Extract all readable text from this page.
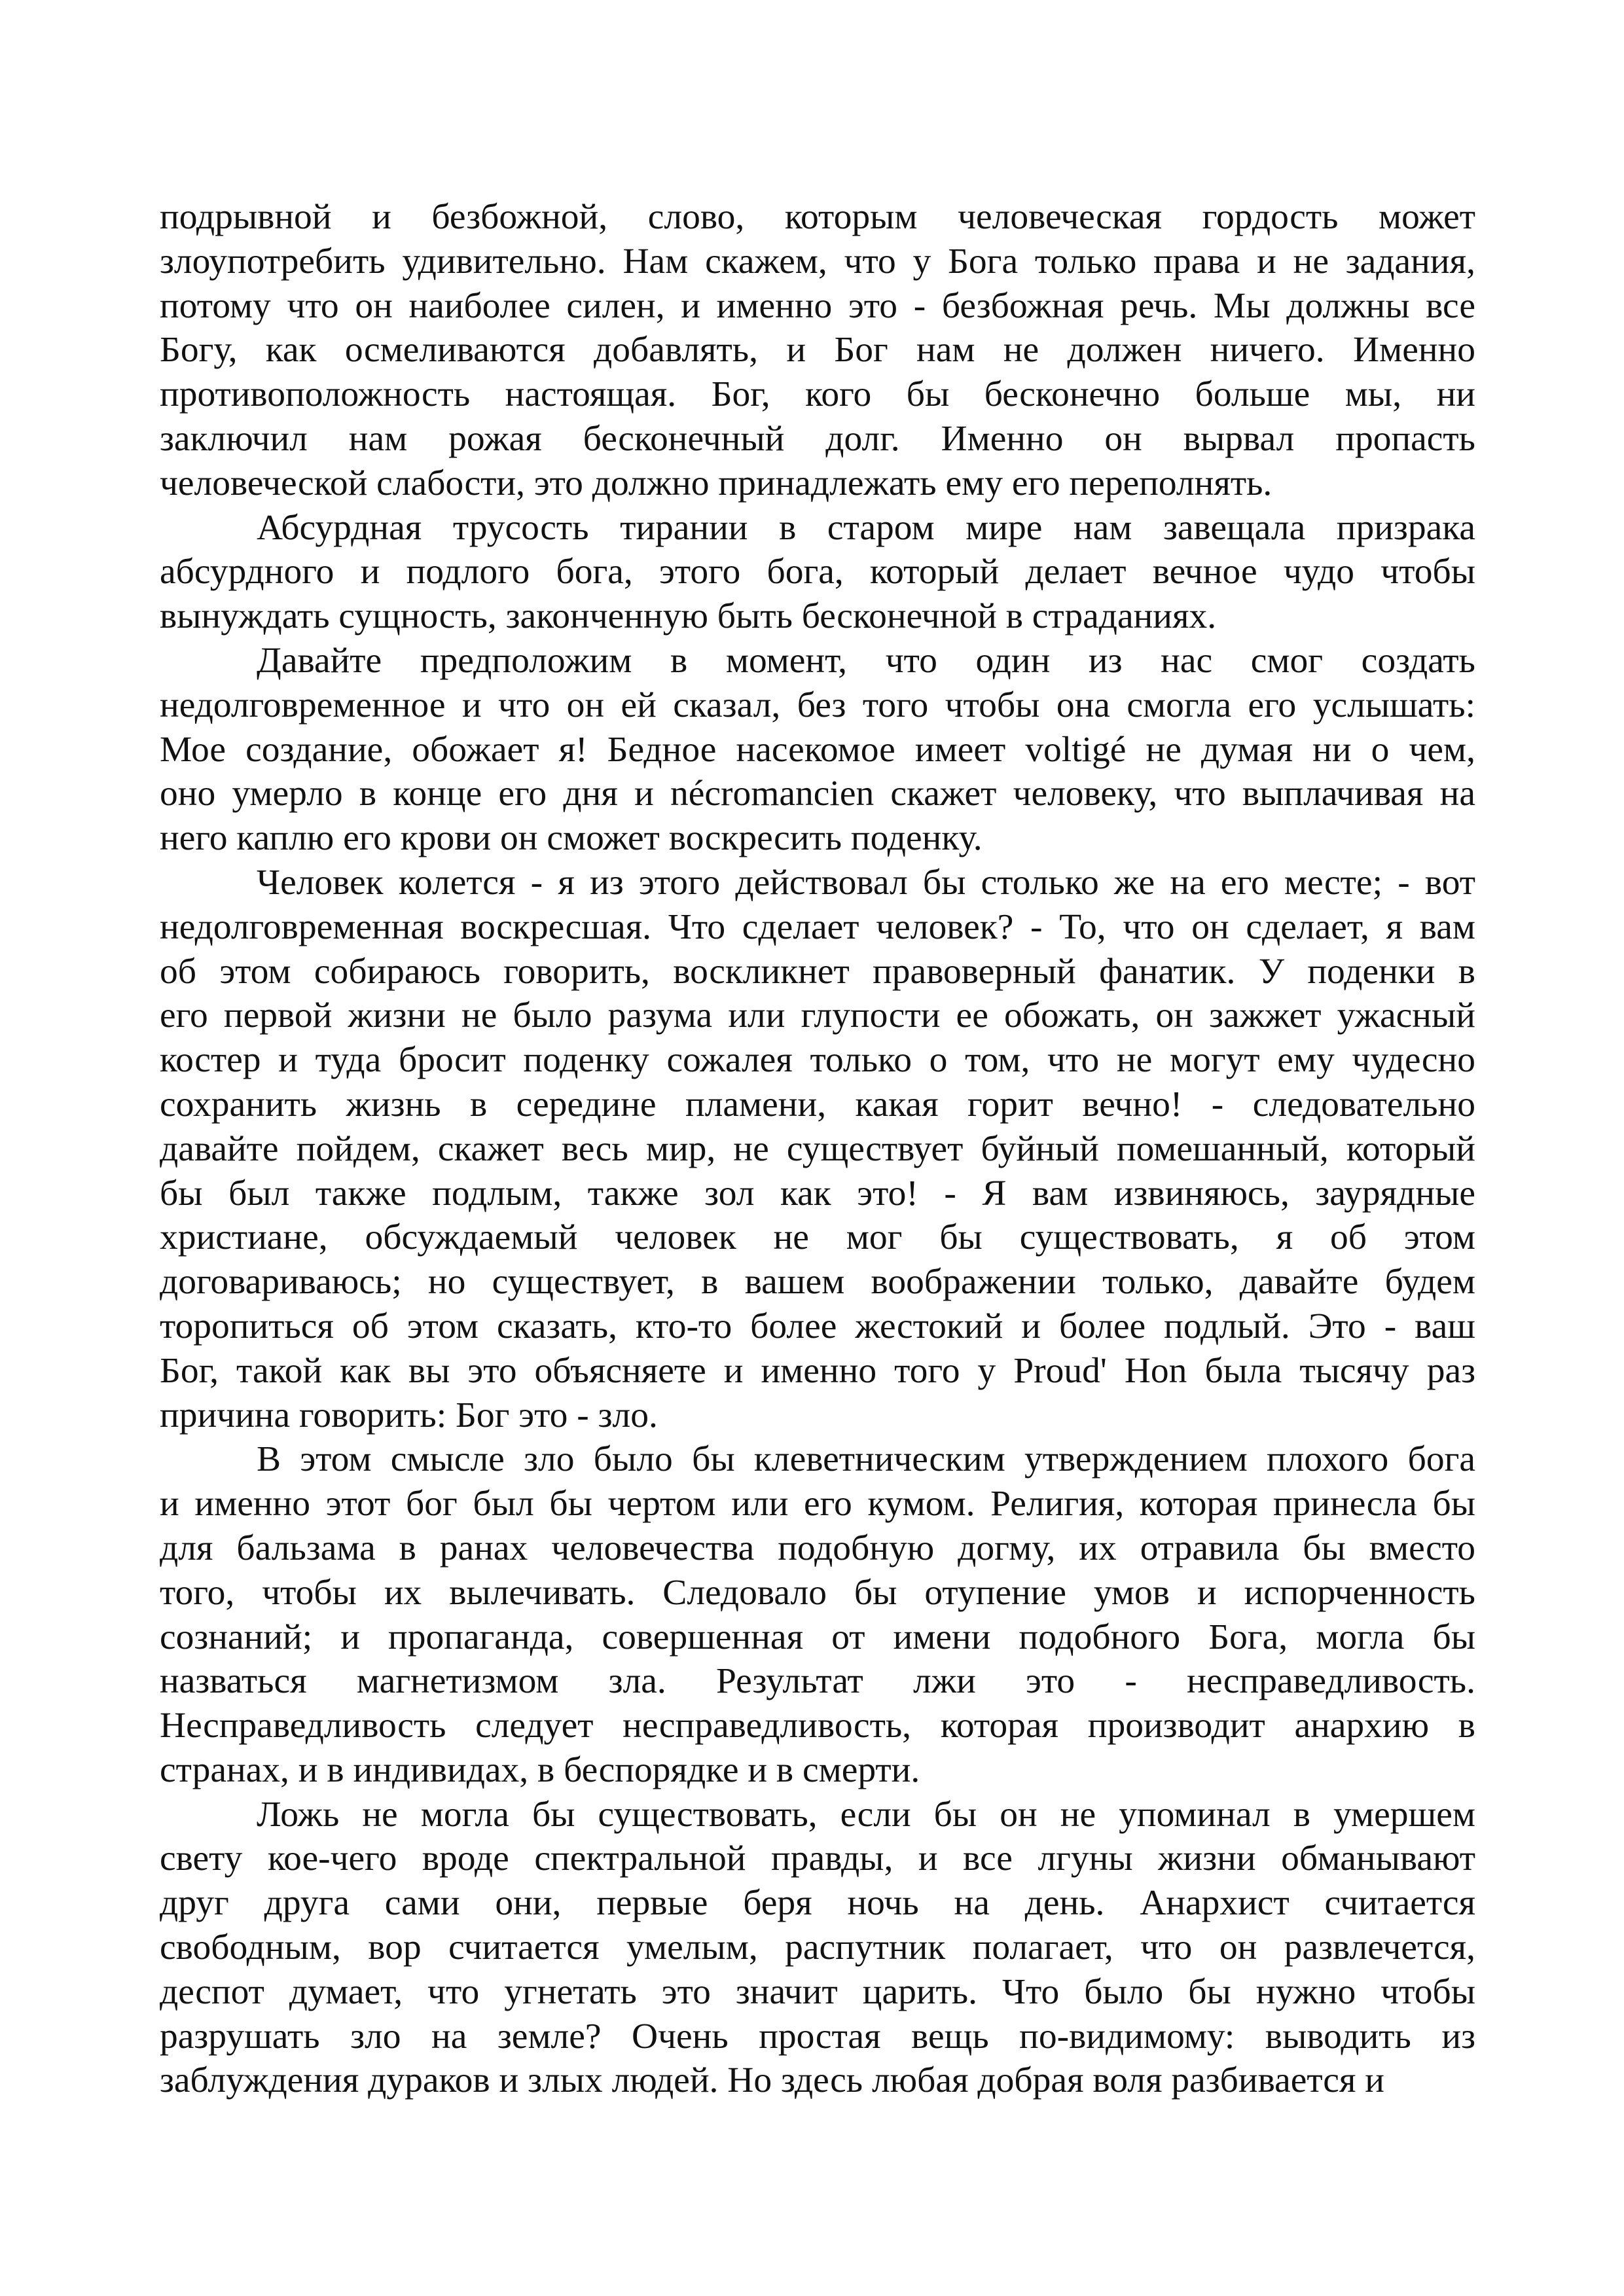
подрывной и безбожной, слово, которым человеческая гордость может
злоупотребить удивительно. Нам скажем, что у Бога только права и не задания,
потому что он наиболее силен, и именно это - безбожная речь. Мы должны все
Богу, как осмеливаются добавлять, и Бог нам не должен ничего. Именно
противоположность настоящая. Бог, кого бы бесконечно больше мы, ни
заключил нам рожая бесконечный долг. Именно он вырвал пропасть
человеческой слабости, это должно принадлежать ему его переполнять.
Абсурдная трусость тирании в старом мире нам завещала призрака
абсурдного и подлого бога, этого бога, который делает вечное чудо чтобы
вынуждать сущность, законченную быть бесконечной в страданиях.
Давайте предположим в момент, что один из нас смог создать
недолговременное и что он ей сказал, без того чтобы она смогла его услышать:
Мое создание, обожает я! Бедное насекомое имеет voltigé не думая ни о чем,
оно умерло в конце его дня и nécromancien скажет человеку, что выплачивая на
него каплю его крови он сможет воскресить поденку.
Человек колется - я из этого действовал бы столько же на его месте; - вот
недолговременная воскресшая. Что сделает человек? - То, что он сделает, я вам
об этом собираюсь говорить, воскликнет правоверный фанатик. У поденки в
его первой жизни не было разума или глупости ее обожать, он зажжет ужасный
костер и туда бросит поденку сожалея только о том, что не могут ему чудесно
сохранить жизнь в середине пламени, какая горит вечно! - следовательно
давайте пойдем, скажет весь мир, не существует буйный помешанный, который
бы был также подлым, также зол как это! - Я вам извиняюсь, заурядные
христиане, обсуждаемый человек не мог бы существовать, я об этом
договариваюсь; но существует, в вашем воображении только, давайте будем
торопиться об этом сказать, кто-то более жестокий и более подлый. Это - ваш
Бог, такой как вы это объясняете и именно того у Proud' Hon была тысячу раз
причина говорить: Бог это - зло.
В этом смысле зло было бы клеветническим утверждением плохого бога
и именно этот бог был бы чертом или его кумом. Религия, которая принесла бы
для бальзама в ранах человечества подобную догму, их отравила бы вместо
того, чтобы их вылечивать. Следовало бы отупение умов и испорченность
сознаний; и пропаганда, совершенная от имени подобного Бога, могла бы
назваться магнетизмом зла. Результат лжи это - несправедливость.
Несправедливость следует несправедливость, которая производит анархию в
странах, и в индивидах, в беспорядке и в смерти.
Ложь не могла бы существовать, если бы он не упоминал в умершем
свету кое-чего вроде спектральной правды, и все лгуны жизни обманывают
друг друга сами они, первые беря ночь на день. Анархист считается
свободным, вор считается умелым, распутник полагает, что он развлечется,
деспот думает, что угнетать это значит царить. Что было бы нужно чтобы
разрушать зло на земле? Очень простая вещь по-видимому: выводить из
заблуждения дураков и злых людей. Но здесь любая добрая воля разбивается и
